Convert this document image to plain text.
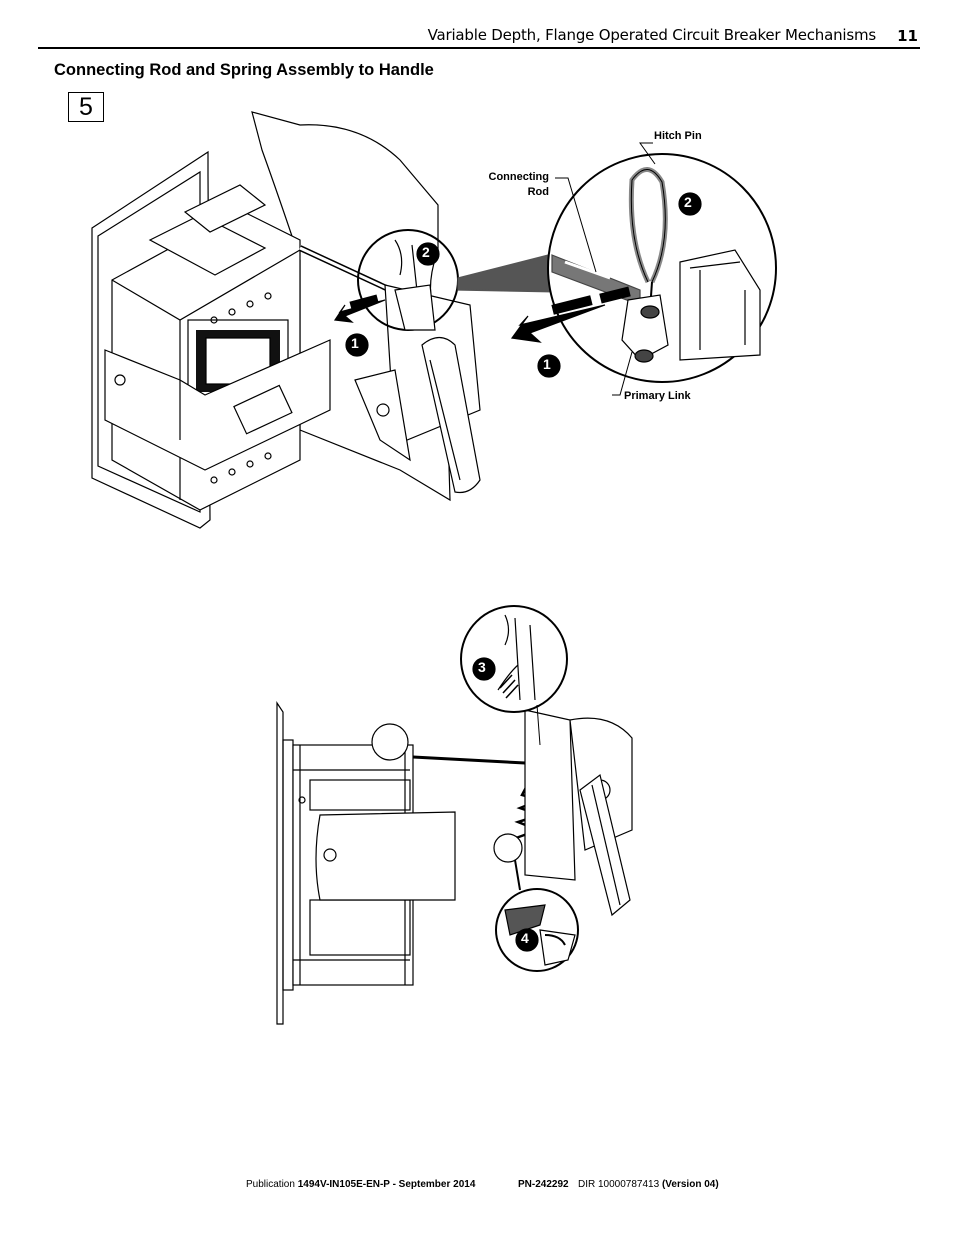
Variable Depth, Flange Operated Circuit Breaker Mechanisms	11
Connecting Rod and Spring Assembly to Handle
5
1
2
1
2
Hitch Pin
Connecting
Rod
Primary Link
3
4
Publication 1494V-IN105E-EN-P - September 2014	PN-242292 DIR 10000787413 (Version 04)
